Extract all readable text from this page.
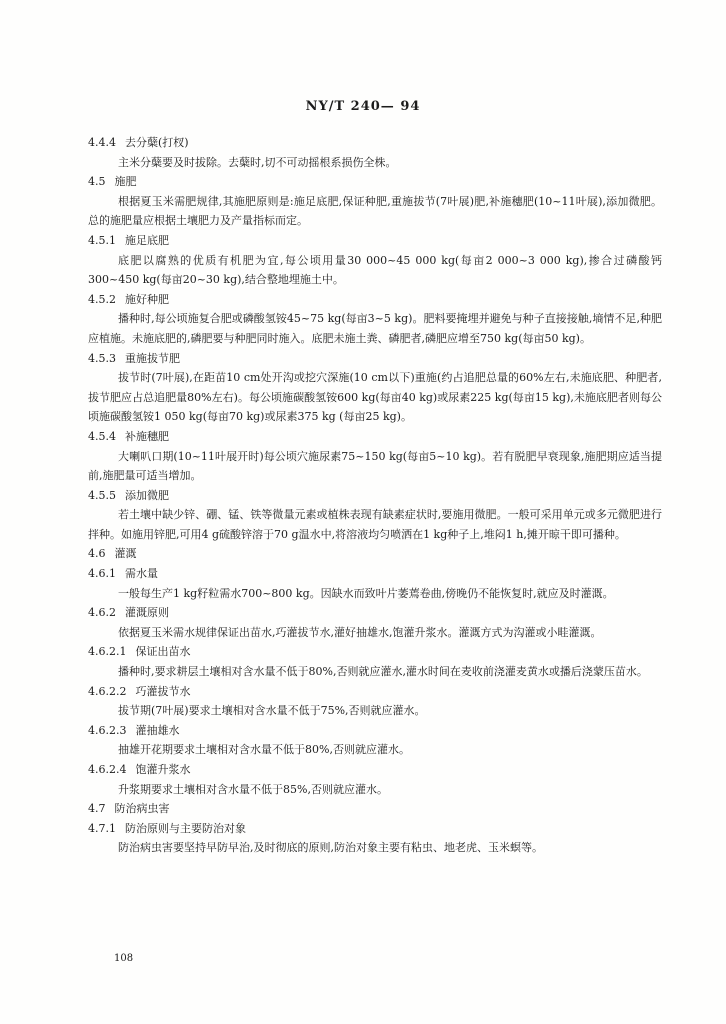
NY/T 240— 94

4.4.4 去分蘖(打杈)

主米分蘖要及时拔除。去蘖时,切不可动摇根系损伤全株。

4.5 施肥

根据夏玉米需肥规律,其施肥原则是:施足底肥,保证种肥,重施拔节(7叶展)肥,补施穗肥(10~11叶展),添加微肥。总的施肥量应根据土壤肥力及产量指标而定。

4.5.1 施足底肥

底肥以腐熟的优质有机肥为宜,每公顷用量30 000~45 000 kg(每亩2 000~3 000 kg),掺合过磷酸钙300~450 kg(每亩20~30 kg),结合整地埋施土中。

4.5.2 施好种肥

播种时,每公顷施复合肥或磷酸氢铵45~75 kg(每亩3~5 kg)。肥料要掩埋并避免与种子直接接触,墒情不足,种肥应植施。未施底肥的,磷肥要与种肥同时施入。底肥未施土粪、磷肥者,磷肥应增至750 kg(每亩50 kg)。

4.5.3 重施拔节肥

拔节时(7叶展),在距苗10 cm处开沟或挖穴深施(10 cm以下)重施(约占追肥总量的60%左右,未施底肥、种肥者,拔节肥应占总追肥量80%左右)。每公顷施碳酸氢铵600 kg(每亩40 kg)或尿素225 kg(每亩15 kg),未施底肥者则每公顷施碳酸氢铵1 050 kg(每亩70 kg)或尿素375 kg (每亩25 kg)。

4.5.4 补施穗肥

大喇叭口期(10~11叶展开时)每公顷穴施尿素75~150 kg(每亩5~10 kg)。若有脱肥早衰现象,施肥期应适当提前,施肥量可适当增加。

4.5.5 添加微肥

若土壤中缺少锌、硼、锰、铁等微量元素或植株表现有缺素症状时,要施用微肥。一般可采用单元或多元微肥进行拌种。如施用锌肥,可用4 g硫酸锌溶于70 g温水中,将溶液均匀喷洒在1 kg种子上,堆闷1 h,摊开晾干即可播种。

4.6 灌溉

4.6.1 需水量

一般每生产1 kg籽粒需水700~800 kg。因缺水而致叶片萎蔫卷曲,傍晚仍不能恢复时,就应及时灌溉。

4.6.2 灌溉原则

依据夏玉米需水规律保证出苗水,巧灌拔节水,灌好抽雄水,饱灌升浆水。灌溉方式为沟灌或小畦灌溉。

4.6.2.1 保证出苗水

播种时,要求耕层土壤相对含水量不低于80%,否则就应灌水,灌水时间在麦收前浇灌麦黄水或播后浇蒙压苗水。

4.6.2.2 巧灌拔节水

拔节期(7叶展)要求土壤相对含水量不低于75%,否则就应灌水。

4.6.2.3 灌抽雄水

抽雄开花期要求土壤相对含水量不低于80%,否则就应灌水。

4.6.2.4 饱灌升浆水

升浆期要求土壤相对含水量不低于85%,否则就应灌水。

4.7 防治病虫害

4.7.1 防治原则与主要防治对象

防治病虫害要坚持早防早治,及时彻底的原则,防治对象主要有粘虫、地老虎、玉米螟等。

108
